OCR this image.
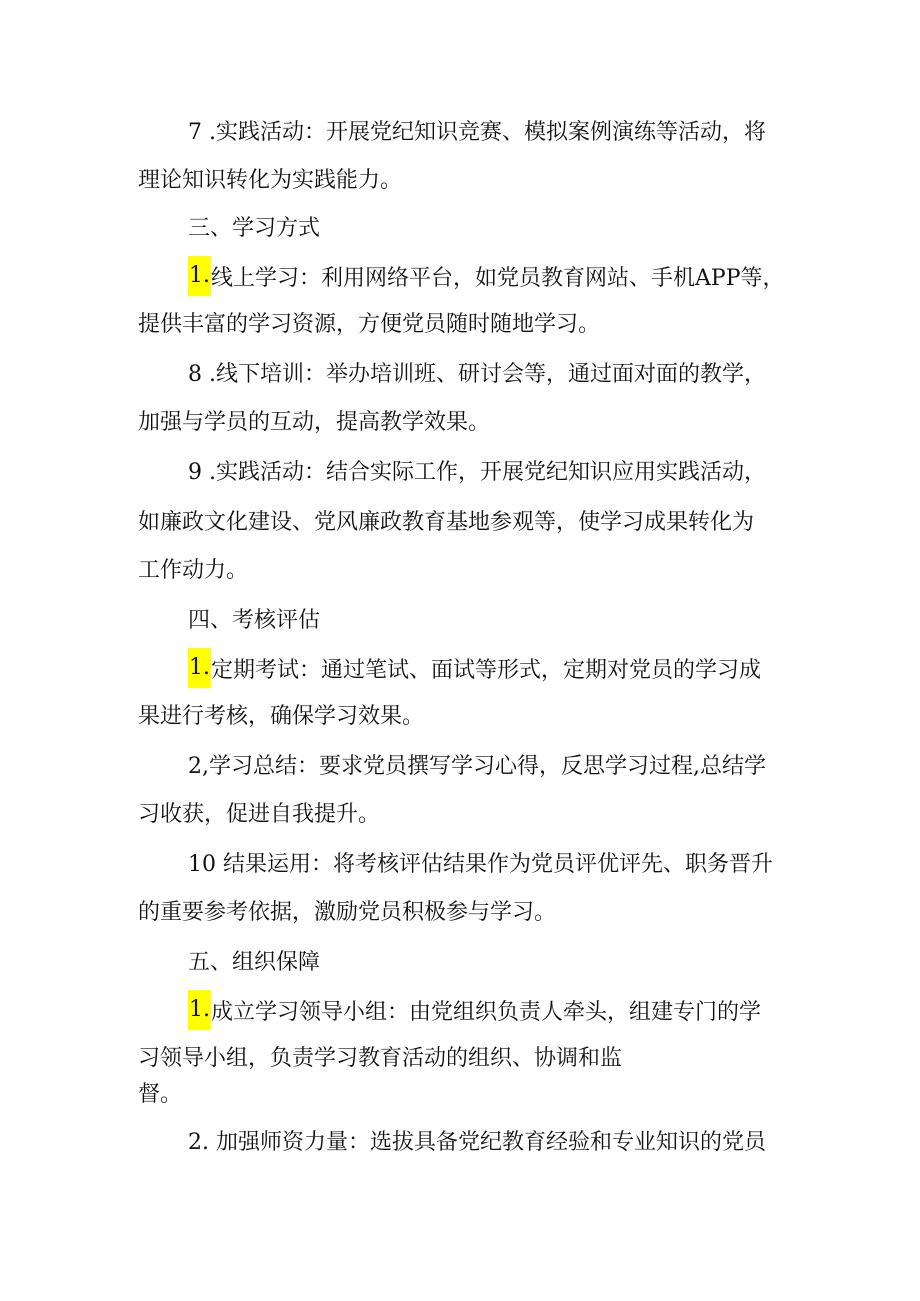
7 .实践活动：开展党纪知识竞赛、模拟案例演练等活动，将
理论知识转化为实践能力。
三、学习方式
1.线上学习：利用网络平台，如党员教育网站、手机APP等，
提供丰富的学习资源，方便党员随时随地学习。
8 .线下培训：举办培训班、研讨会等，通过面对面的教学，
加强与学员的互动，提高教学效果。
9 .实践活动：结合实际工作，开展党纪知识应用实践活动，
如廉政文化建设、党风廉政教育基地参观等，使学习成果转化为
工作动力。
四、考核评估
1.定期考试：通过笔试、面试等形式，定期对党员的学习成
果进行考核，确保学习效果。
2,学习总结：要求党员撰写学习心得，反思学习过程,总结学
习收获，促进自我提升。
10 结果运用：将考核评估结果作为党员评优评先、职务晋升
的重要参考依据，激励党员积极参与学习。
五、组织保障
1.成立学习领导小组：由党组织负责人牵头，组建专门的学
习领导小组，负责学习教育活动的组织、协调和监
督。
2. 加强师资力量：选拔具备党纪教育经验和专业知识的党员
